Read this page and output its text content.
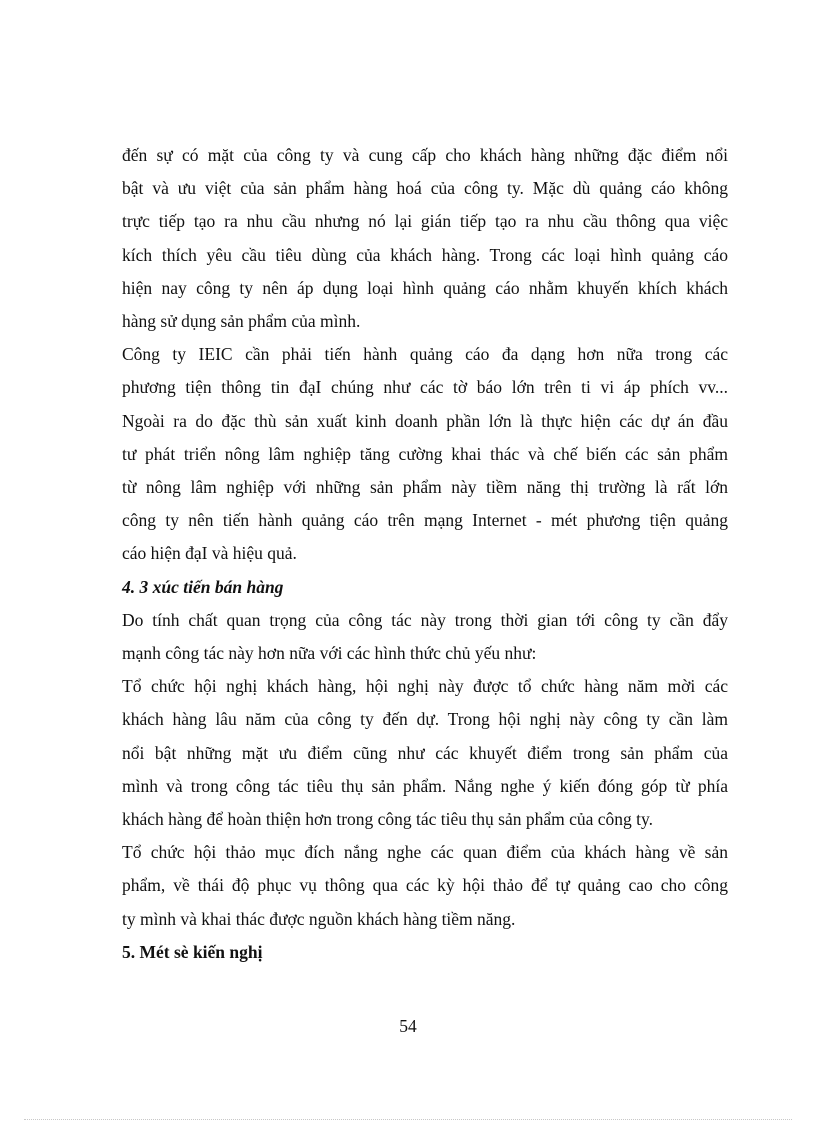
đến sự có mặt của công ty và cung cấp cho khách hàng những đặc điểm nổi
bật và ưu việt của sản phẩm hàng hoá của công ty. Mặc dù quảng cáo không
trực tiếp tạo ra nhu cầu nhưng nó lại gián tiếp tạo ra nhu cầu thông qua việc
kích thích yêu cầu tiêu dùng của khách hàng. Trong các loại hình quảng cáo
hiện nay công ty nên áp dụng loại hình quảng cáo nhằm khuyến khích khách
hàng sử dụng sản phẩm của mình.

Công ty IEIC cần phải tiến hành quảng cáo đa dạng hơn nữa trong các
phương tiện thông tin đạI chúng như các tờ báo lớn trên ti vi áp phích vv...
Ngoài ra do đặc thù sản xuất kinh doanh phần lớn là thực hiện các dự án đầu
tư phát triển nông lâm nghiệp tăng cường khai thác và chế biến các sản phẩm
từ nông lâm nghiệp với những sản phẩm này tiềm năng thị trường là rất lớn
công ty nên tiến hành quảng cáo trên mạng Internet - mét phương tiện quảng
cáo hiện đạI và hiệu quả.

4. 3 xúc tiến bán hàng

Do tính chất quan trọng của công tác này trong thời gian tới công ty cần đẩy
mạnh công tác này hơn nữa với các hình thức chủ yếu như:

Tổ chức hội nghị khách hàng, hội nghị này được tổ chức hàng năm mời các
khách hàng lâu năm của công ty đến dự. Trong hội nghị này công ty cần làm
nổi bật những mặt ưu điểm cũng như các khuyết điểm trong sản phẩm của
mình và trong công tác tiêu thụ sản phẩm. Nắng nghe ý kiến đóng góp từ phía
khách hàng để hoàn thiện hơn trong công tác tiêu thụ sản phẩm của công ty.

Tổ chức hội thảo mục đích nắng nghe các quan điểm của khách hàng về sản
phẩm, về thái độ phục vụ thông qua các kỳ hội thảo để tự quảng cao cho công
ty mình và khai thác được nguồn khách hàng tiềm năng.

5. Mét sè kiến nghị

54
